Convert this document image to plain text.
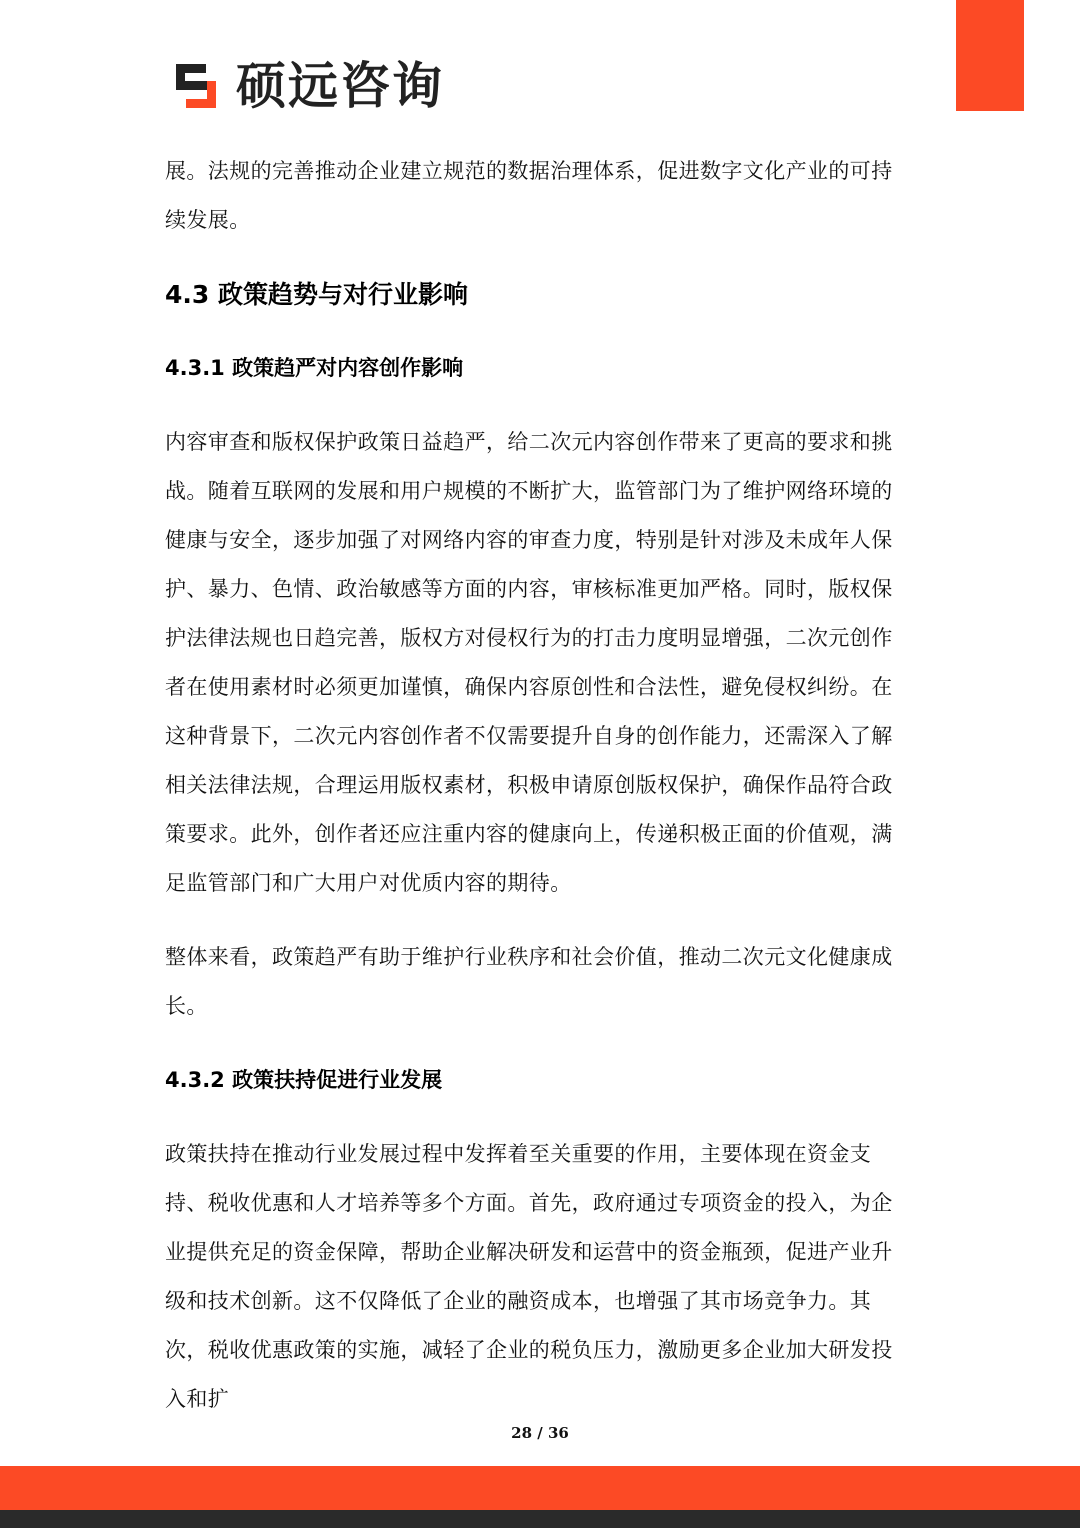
硕远咨询

展。法规的完善推动企业建立规范的数据治理体系，促进数字文化产业的可持续发展。

4.3 政策趋势与对行业影响
4.3.1 政策趋严对内容创作影响

内容审查和版权保护政策日益趋严，给二次元内容创作带来了更高的要求和挑战。随着互联网的发展和用户规模的不断扩大，监管部门为了维护网络环境的健康与安全，逐步加强了对网络内容的审查力度，特别是针对涉及未成年人保护、暴力、色情、政治敏感等方面的内容，审核标准更加严格。同时，版权保护法律法规也日趋完善，版权方对侵权行为的打击力度明显增强，二次元创作者在使用素材时必须更加谨慎，确保内容原创性和合法性，避免侵权纠纷。在这种背景下，二次元内容创作者不仅需要提升自身的创作能力，还需深入了解相关法律法规，合理运用版权素材，积极申请原创版权保护，确保作品符合政策要求。此外，创作者还应注重内容的健康向上，传递积极正面的价值观，满足监管部门和广大用户对优质内容的期待。

整体来看，政策趋严有助于维护行业秩序和社会价值，推动二次元文化健康成长。

4.3.2 政策扶持促进行业发展

政策扶持在推动行业发展过程中发挥着至关重要的作用，主要体现在资金支持、税收优惠和人才培养等多个方面。首先，政府通过专项资金的投入，为企业提供充足的资金保障，帮助企业解决研发和运营中的资金瓶颈，促进产业升级和技术创新。这不仅降低了企业的融资成本，也增强了其市场竞争力。其次，税收优惠政策的实施，减轻了企业的税负压力，激励更多企业加大研发投入和扩

28 / 36
